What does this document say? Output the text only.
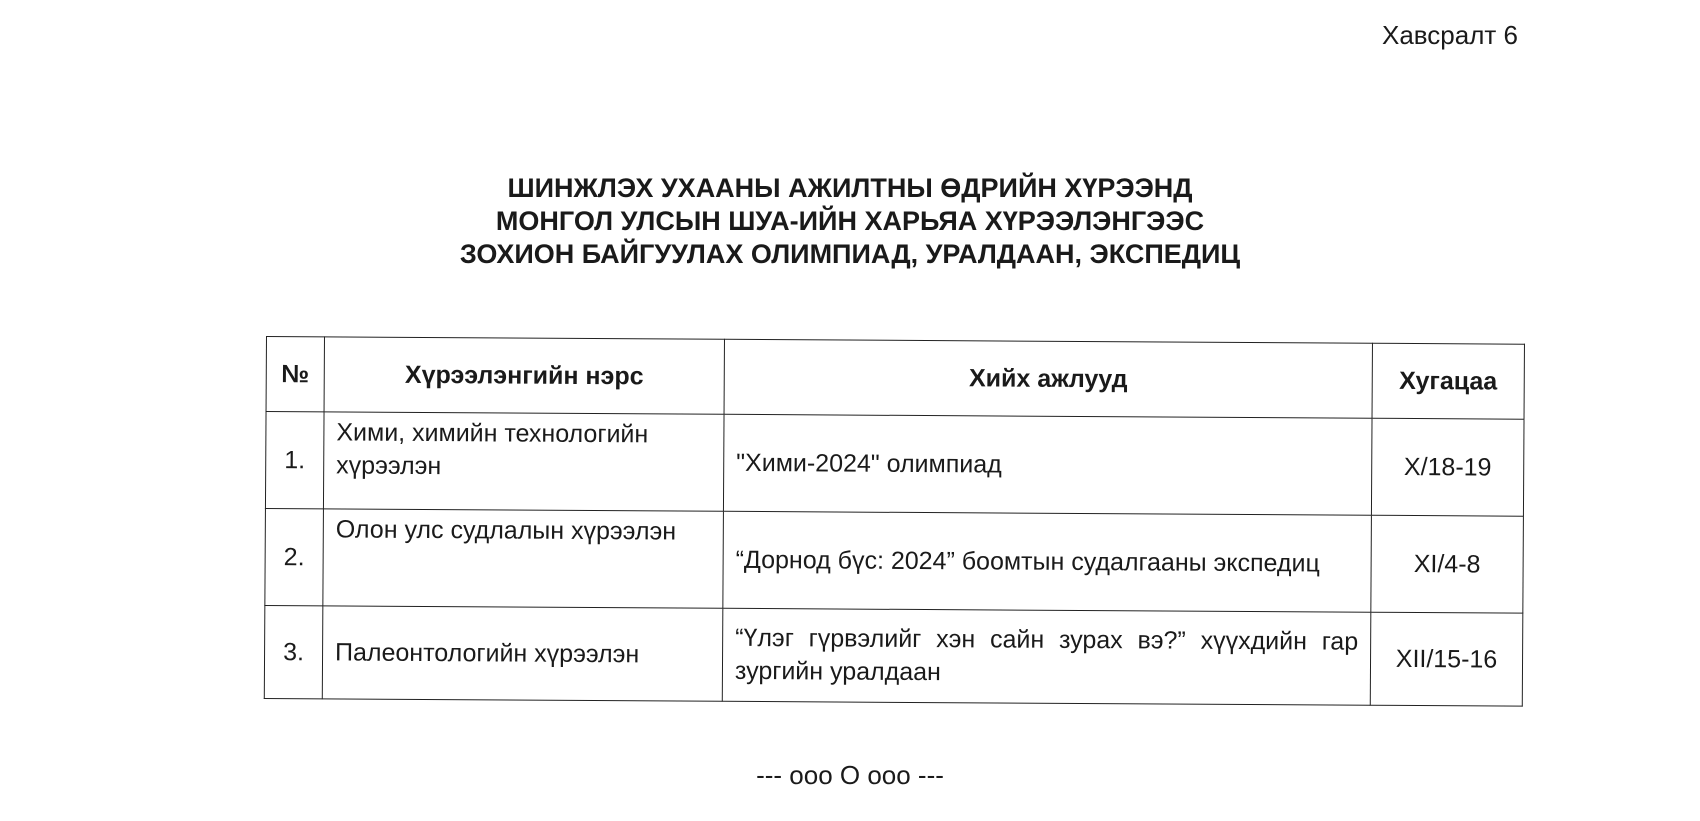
Хавсралт 6
ШИНЖЛЭХ УХААНЫ АЖИЛТНЫ ӨДРИЙН ХҮРЭЭНД
МОНГОЛ УЛСЫН ШУА-ИЙН ХАРЬЯА ХҮРЭЭЛЭНГЭЭС
ЗОХИОН БАЙГУУЛАХ ОЛИМПИАД, УРАЛДААН, ЭКСПЕДИЦ
№	Хүрээлэнгийн нэрс	Хийх ажлууд	Хугацаа
1.	Хими, химийн технологийн хүрээлэн	"Хими-2024" олимпиад	X/18-19
2.	Олон улс судлалын хүрээлэн	“Дорнод бүс: 2024” боомтын судалгааны экспедиц	XI/4-8
3.	Палеонтологийн хүрээлэн	“Үлэг гүрвэлийг хэн сайн зурах вэ?” хүүхдийн гар зургийн уралдаан	XII/15-16
--- ooo O ooo ---
